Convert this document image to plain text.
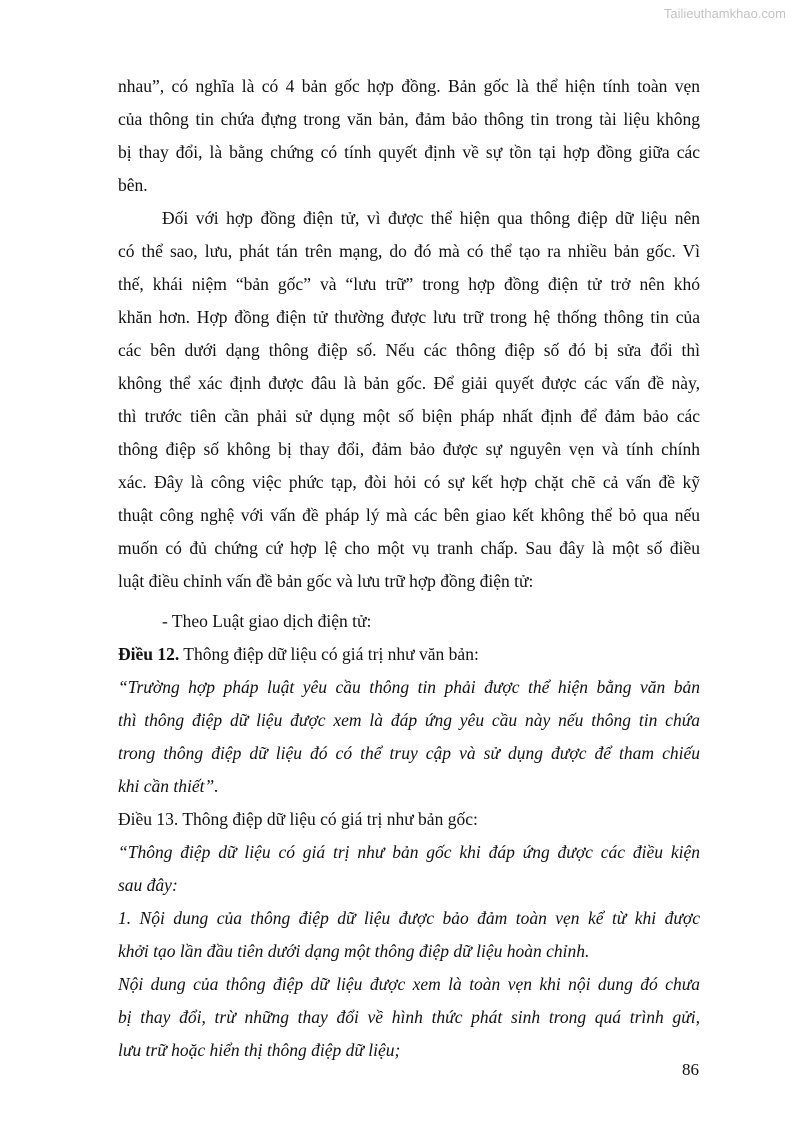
Tailieuthamkhao.com
nhau”, có nghĩa là có 4 bản gốc hợp đồng. Bản gốc là thể hiện tính toàn vẹn
của thông tin chứa đựng trong văn bản, đảm bảo thông tin trong tài liệu không
bị thay đổi, là bằng chứng có tính quyết định về sự tồn tại hợp đồng giữa các
bên.
Đối với hợp đồng điện tử, vì được thể hiện qua thông điệp dữ liệu nên
có thể sao, lưu, phát tán trên mạng, do đó mà có thể tạo ra nhiều bản gốc. Vì
thế, khái niệm “bản gốc” và “lưu trữ” trong hợp đồng điện tử trở nên khó
khăn hơn. Hợp đồng điện tử thường được lưu trữ trong hệ thống thông tin của
các bên dưới dạng thông điệp số. Nếu các thông điệp số đó bị sửa đổi thì
không thể xác định được đâu là bản gốc. Để giải quyết được các vấn đề này,
thì trước tiên cần phải sử dụng một số biện pháp nhất định để đảm bảo các
thông điệp số không bị thay đổi, đảm bảo được sự nguyên vẹn và tính chính
xác. Đây là công việc phức tạp, đòi hỏi có sự kết hợp chặt chẽ cả vấn đề kỹ
thuật công nghệ với vấn đề pháp lý mà các bên giao kết không thể bỏ qua nếu
muốn có đủ chứng cứ hợp lệ cho một vụ tranh chấp. Sau đây là một số điều
luật điều chỉnh vấn đề bản gốc và lưu trữ hợp đồng điện tử:
- Theo Luật giao dịch điện tử:
Điều 12. Thông điệp dữ liệu có giá trị như văn bản:
“Trường hợp pháp luật yêu cầu thông tin phải được thể hiện bằng văn bản
thì thông điệp dữ liệu được xem là đáp ứng yêu cầu này nếu thông tin chứa
trong thông điệp dữ liệu đó có thể truy cập và sử dụng được để tham chiếu
khi cần thiết”.
Điều 13. Thông điệp dữ liệu có giá trị như bản gốc:
“Thông điệp dữ liệu có giá trị như bản gốc khi đáp ứng được các điều kiện
sau đây:
1. Nội dung của thông điệp dữ liệu được bảo đảm toàn vẹn kể từ khi được
khởi tạo lần đầu tiên dưới dạng một thông điệp dữ liệu hoàn chỉnh.
Nội dung của thông điệp dữ liệu được xem là toàn vẹn khi nội dung đó chưa
bị thay đổi, trừ những thay đổi về hình thức phát sinh trong quá trình gửi,
lưu trữ hoặc hiển thị thông điệp dữ liệu;
86
